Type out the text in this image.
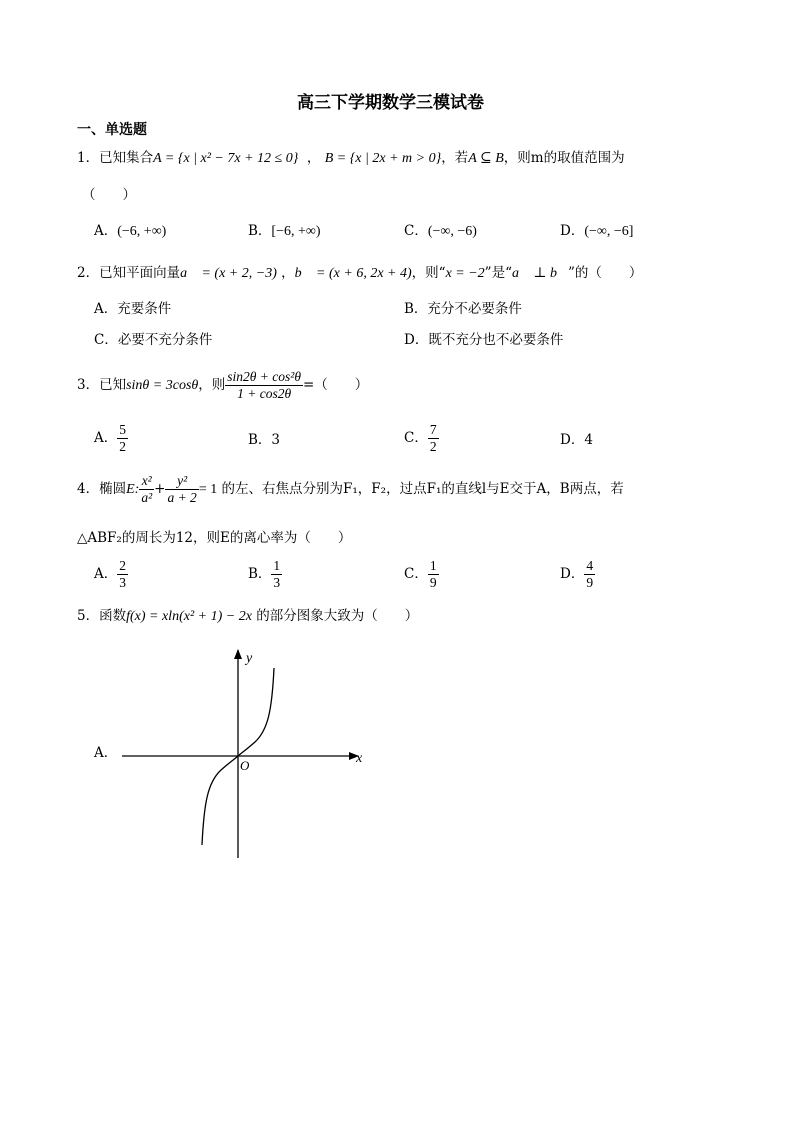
高三下学期数学三模试卷
一、单选题
1．已知集合A = {x | x² − 7x + 12 ≤ 0}  ， B = {x | 2x + m > 0}，若A ⊆ B，则m的取值范围为
（　　）
A．(−6, +∞)	B．[−6, +∞)	C．(−∞, −6)	D．(−∞, −6]
2．已知平面向量a⃗ = (x + 2, −3) ，b⃗ = (x + 6, 2x + 4)，则“x = −2”是“a⃗ ⊥ b⃗”的（　　）
A．充要条件	B．充分不必要条件
C．必要不充分条件	D．既不充分也不必要条件
3．已知sinθ = 3cosθ，则 $\frac{\text{sin2θ + cos²θ}}{1 + \cos 2\theta}$ =（　　）
A． $\frac{5}{2}$	B．3	C． $\frac{7}{2}$	D．4
4．椭圆E: $\frac{\text{x²}}{\text{a²}} + \frac{\text{y²}}{a + 2} = 1$ 的左、右焦点分别为F₁，F₂，过点F₁的直线l与E交于A，B两点，若
△ABF₂的周长为12，则E的离心率为（　　）
A． $\frac{2}{3}$	B． $\frac{1}{3}$	C． $\frac{1}{9}$	D． $\frac{4}{9}$
5．函数f(x) = xln(x² + 1) − 2x 的部分图象大致为（　　）
A．	x
y
O
